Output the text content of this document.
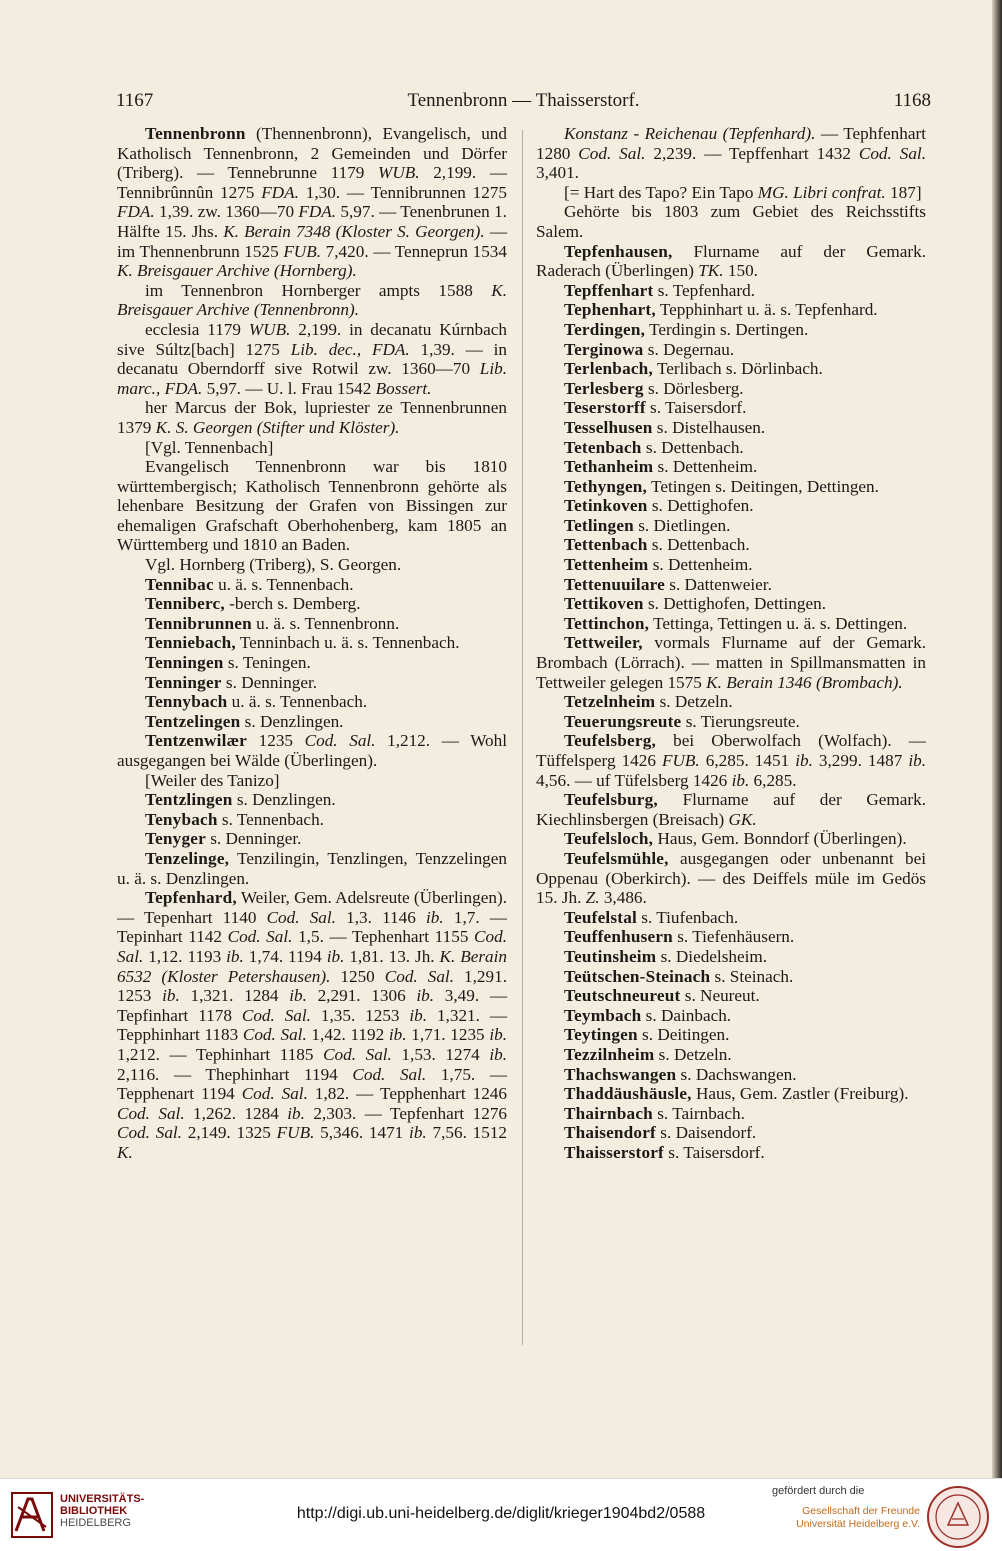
1167	Tennenbronn — Thaisserstorf.	1168

Tennenbronn (Thennenbronn), Evangelisch, und Katholisch Tennenbronn, 2 Gemeinden und Dörfer (Triberg). — Tennebrunne 1179 WUB. 2,199. — Tennibrûnnûn 1275 FDA. 1,30. — Tennibrunnen 1275 FDA. 1,39. zw. 1360—70 FDA. 5,97. — Tenenbrunen 1. Hälfte 15. Jhs. K. Berain 7348 (Kloster S. Georgen). — im Thennenbrunn 1525 FUB. 7,420. — Tenneprun 1534 K. Breisgauer Archive (Hornberg).

im Tennenbron Hornberger ampts 1588 K. Breisgauer Archive (Tennenbronn).

ecclesia 1179 WUB. 2,199. in decanatu Kúrnbach sive Súltz[bach] 1275 Lib. dec., FDA. 1,39. — in decanatu Oberndorff sive Rotwil zw. 1360—70 Lib. marc., FDA. 5,97. — U. l. Frau 1542 Bossert.

her Marcus der Bok, lupriester ze Tennenbrunnen 1379 K. S. Georgen (Stifter und Klöster).

[Vgl. Tennenbach]

Evangelisch Tennenbronn war bis 1810 württembergisch; Katholisch Tennenbronn gehörte als lehenbare Besitzung der Grafen von Bissingen zur ehemaligen Grafschaft Oberhohenberg, kam 1805 an Württemberg und 1810 an Baden.

Vgl. Hornberg (Triberg), S. Georgen.

Tennibac u. ä. s. Tennenbach.

Tenniberc, -berch s. Demberg.

Tennibrunnen u. ä. s. Tennenbronn.

Tenniebach, Tenninbach u. ä. s. Tennenbach.

Tenningen s. Teningen.

Tenninger s. Denninger.

Tennybach u. ä. s. Tennenbach.

Tentzelingen s. Denzlingen.

Tentzenwilær 1235 Cod. Sal. 1,212. — Wohl ausgegangen bei Wälde (Überlingen).

[Weiler des Tanizo]

Tentzlingen s. Denzlingen.

Tenybach s. Tennenbach.

Tenyger s. Denninger.

Tenzelinge, Tenzilingin, Tenzlingen, Tenzzelingen u. ä. s. Denzlingen.

Tepfenhard, Weiler, Gem. Adelsreute (Überlingen). — Tepenhart 1140 Cod. Sal. 1,3. 1146 ib. 1,7. — Tepinhart 1142 Cod. Sal. 1,5. — Tephenhart 1155 Cod. Sal. 1,12. 1193 ib. 1,74. 1194 ib. 1,81. 13. Jh. K. Berain 6532 (Kloster Petershausen). 1250 Cod. Sal. 1,291. 1253 ib. 1,321. 1284 ib. 2,291. 1306 ib. 3,49. — Tepfinhart 1178 Cod. Sal. 1,35. 1253 ib. 1,321. — Tepphinhart 1183 Cod. Sal. 1,42. 1192 ib. 1,71. 1235 ib. 1,212. — Tephinhart 1185 Cod. Sal. 1,53. 1274 ib. 2,116. — Thephinhart 1194 Cod. Sal. 1,75. — Tepphenart 1194 Cod. Sal. 1,82. — Tepphenhart 1246 Cod. Sal. 1,262. 1284 ib. 2,303. — Tepfenhart 1276 Cod. Sal. 2,149. 1325 FUB. 5,346. 1471 ib. 7,56. 1512 K.

Konstanz - Reichenau (Tepfenhard). — Tephfenhart 1280 Cod. Sal. 2,239. — Tepffenhart 1432 Cod. Sal. 3,401.

[= Hart des Tapo? Ein Tapo MG. Libri confrat. 187]

Gehörte bis 1803 zum Gebiet des Reichsstifts Salem.

Tepfenhausen, Flurname auf der Gemark. Raderach (Überlingen) TK. 150.

Tepffenhart s. Tepfenhard.

Tephenhart, Tepphinhart u. ä. s. Tepfenhard.

Terdingen, Terdingin s. Dertingen.

Terginowa s. Degernau.

Terlenbach, Terlibach s. Dörlinbach.

Terlesberg s. Dörlesberg.

Teserstorff s. Taisersdorf.

Tesselhusen s. Distelhausen.

Tetenbach s. Dettenbach.

Tethanheim s. Dettenheim.

Tethyngen, Tetingen s. Deitingen, Dettingen.

Tetinkoven s. Dettighofen.

Tetlingen s. Dietlingen.

Tettenbach s. Dettenbach.

Tettenheim s. Dettenheim.

Tettenuuilare s. Dattenweier.

Tettikoven s. Dettighofen, Dettingen.

Tettinchon, Tettinga, Tettingen u. ä. s. Dettingen.

Tettweiler, vormals Flurname auf der Gemark. Brombach (Lörrach). — matten in Spillmansmatten in Tettweiler gelegen 1575 K. Berain 1346 (Brombach).

Tetzelnheim s. Detzeln.

Teuerungsreute s. Tierungsreute.

Teufelsberg, bei Oberwolfach (Wolfach). — Tüffelsperg 1426 FUB. 6,285. 1451 ib. 3,299. 1487 ib. 4,56. — uf Tüfelsberg 1426 ib. 6,285.

Teufelsburg, Flurname auf der Gemark. Kiechlinsbergen (Breisach) GK.

Teufelsloch, Haus, Gem. Bonndorf (Überlingen).

Teufelsmühle, ausgegangen oder unbenannt bei Oppenau (Oberkirch). — des Deiffels müle im Gedös 15. Jh. Z. 3,486.

Teufelstal s. Tiufenbach.

Teuffenhusern s. Tiefenhäusern.

Teutinsheim s. Diedelsheim.

Teütschen-Steinach s. Steinach.

Teutschneureut s. Neureut.

Teymbach s. Dainbach.

Teytingen s. Deitingen.

Tezzilnheim s. Detzeln.

Thachswangen s. Dachswangen.

Thaddäushäusle, Haus, Gem. Zastler (Freiburg).

Thairnbach s. Tairnbach.

Thaisendorf s. Daisendorf.

Thaisserstorf s. Taisersdorf.

UNIVERSITÄTS-
BIBLIOTHEK
HEIDELBERG
http://digi.ub.uni-heidelberg.de/diglit/krieger1904bd2/0588
gefördert durch die
Gesellschaft der Freunde
Universität Heidelberg e.V.
